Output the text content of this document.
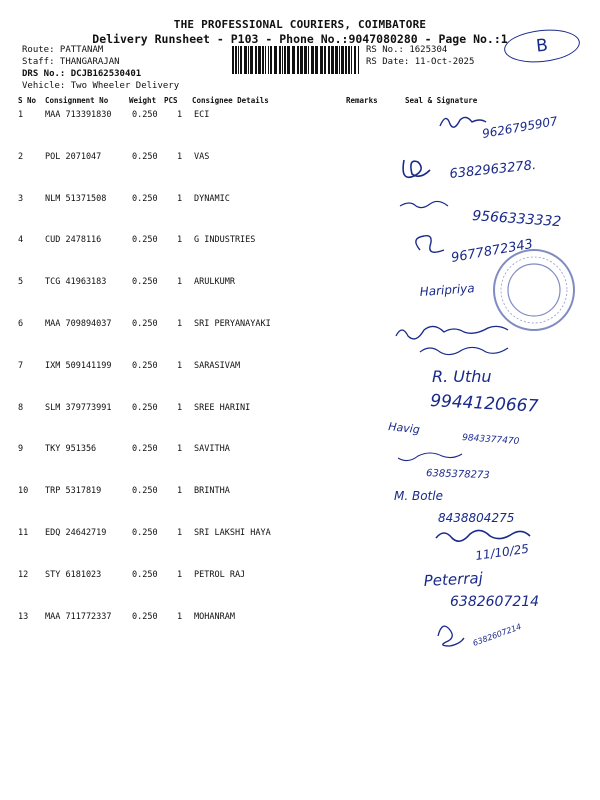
THE PROFESSIONAL COURIERS, COIMBATORE
Delivery Runsheet - P103 - Phone No.:9047080280 - Page No.:1	B
Route: PATTANAM
Staff: THANGARAJAN
DRS No.: DCJB162530401
Vehicle: Two Wheeler Delivery
RS No.: 1625304
RS Date: 11-Oct-2025
S No Consignment No	Weight PCS Consignee Details	Remarks	Seal & Signature
1	MAA 713391830 0.250 1 ECI
2	POL 2071047	0.250 1 VAS
3	NLM 51371508	0.250 1 DYNAMIC
4	CUD 2478116	0.250 1 G INDUSTRIES
5	TCG 41963183	0.250 1 ARULKUMR
6	MAA 709894037 0.250 1 SRI PERYANAYAKI
7	IXM 509141199 0.250 1 SARASIVAM
8	SLM 379773991 0.250 1 SREE HARINI
9	TKY 951356	0.250 1 SAVITHA
10 TRP 5317819	0.250 1 BRINTHA
11 EDQ 24642719	0.250 1 SRI LAKSHI HAYA
12 STY 6181023	0.250 1 PETROL RAJ
13 MAA 711772337 0.250 1 MOHANRAM
9626795907
6382963278.
9566333332
9677872343
Haripriya
R. Uthu
9944120667
Havig
9843377470
6385378273
M. Botle
8438804275
11/10/25
Peterraj
6382607214
6382607214
